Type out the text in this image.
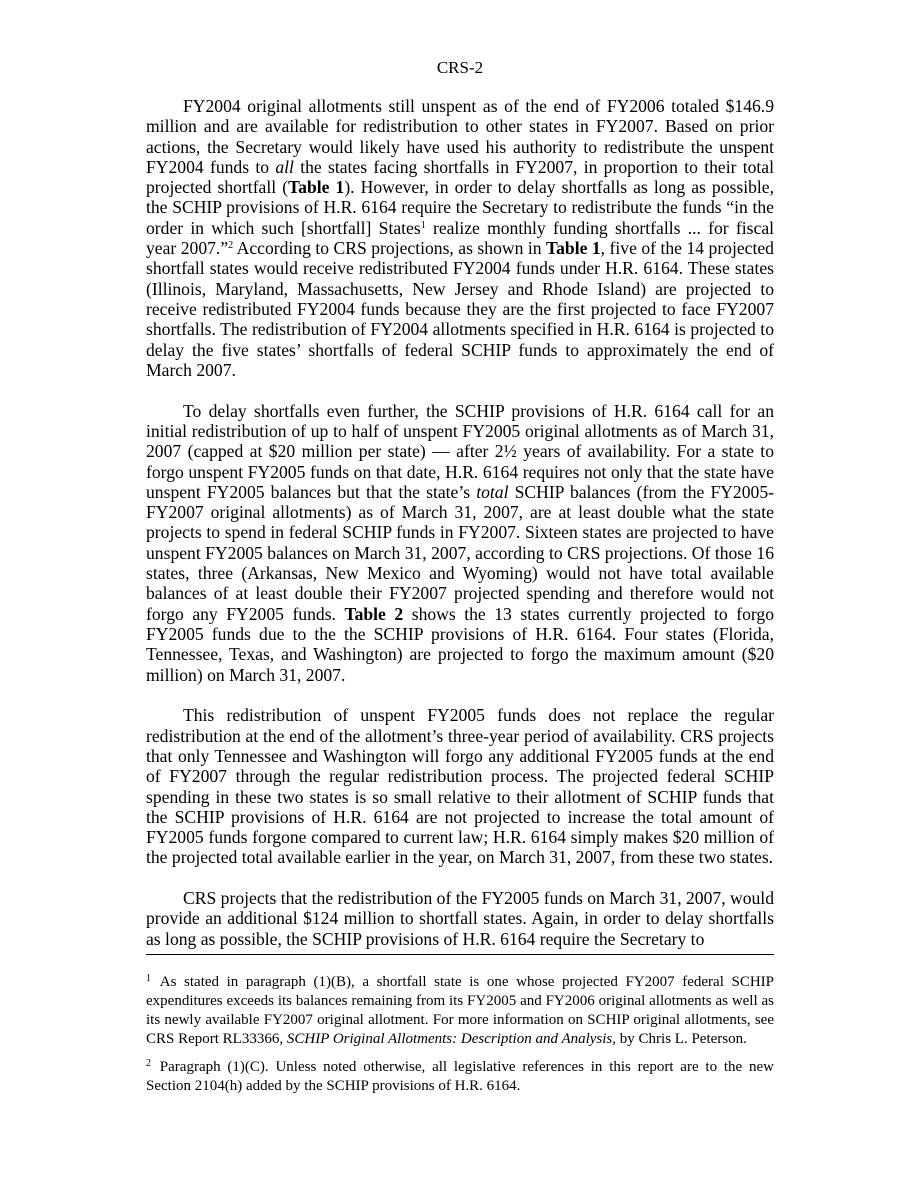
CRS-2

FY2004 original allotments still unspent as of the end of FY2006 totaled $146.9 million and are available for redistribution to other states in FY2007. Based on prior actions, the Secretary would likely have used his authority to redistribute the unspent FY2004 funds to all the states facing shortfalls in FY2007, in proportion to their total projected shortfall (Table 1). However, in order to delay shortfalls as long as possible, the SCHIP provisions of H.R. 6164 require the Secretary to redistribute the funds “in the order in which such [shortfall] States$^1$ realize monthly funding shortfalls ... for fiscal year 2007.”$^2$ According to CRS projections, as shown in Table 1, five of the 14 projected shortfall states would receive redistributed FY2004 funds under H.R. 6164. These states (Illinois, Maryland, Massachusetts, New Jersey and Rhode Island) are projected to receive redistributed FY2004 funds because they are the first projected to face FY2007 shortfalls. The redistribution of FY2004 allotments specified in H.R. 6164 is projected to delay the five states’ shortfalls of federal SCHIP funds to approximately the end of March 2007.

To delay shortfalls even further, the SCHIP provisions of H.R. 6164 call for an initial redistribution of up to half of unspent FY2005 original allotments as of March 31, 2007 (capped at $20 million per state) — after 2½ years of availability. For a state to forgo unspent FY2005 funds on that date, H.R. 6164 requires not only that the state have unspent FY2005 balances but that the state’s total SCHIP balances (from the FY2005-FY2007 original allotments) as of March 31, 2007, are at least double what the state projects to spend in federal SCHIP funds in FY2007. Sixteen states are projected to have unspent FY2005 balances on March 31, 2007, according to CRS projections. Of those 16 states, three (Arkansas, New Mexico and Wyoming) would not have total available balances of at least double their FY2007 projected spending and therefore would not forgo any FY2005 funds. Table 2 shows the 13 states currently projected to forgo FY2005 funds due to the the SCHIP provisions of H.R. 6164. Four states (Florida, Tennessee, Texas, and Washington) are projected to forgo the maximum amount ($20 million) on March 31, 2007.

This redistribution of unspent FY2005 funds does not replace the regular redistribution at the end of the allotment’s three-year period of availability. CRS projects that only Tennessee and Washington will forgo any additional FY2005 funds at the end of FY2007 through the regular redistribution process. The projected federal SCHIP spending in these two states is so small relative to their allotment of SCHIP funds that the SCHIP provisions of H.R. 6164 are not projected to increase the total amount of FY2005 funds forgone compared to current law; H.R. 6164 simply makes $20 million of the projected total available earlier in the year, on March 31, 2007, from these two states.

CRS projects that the redistribution of the FY2005 funds on March 31, 2007, would provide an additional $124 million to shortfall states. Again, in order to delay shortfalls as long as possible, the SCHIP provisions of H.R. 6164 require the Secretary to

$^1$ As stated in paragraph (1)(B), a shortfall state is one whose projected FY2007 federal SCHIP expenditures exceeds its balances remaining from its FY2005 and FY2006 original allotments as well as its newly available FY2007 original allotment. For more information on SCHIP original allotments, see CRS Report RL33366, SCHIP Original Allotments: Description and Analysis, by Chris L. Peterson.

$^2$ Paragraph (1)(C). Unless noted otherwise, all legislative references in this report are to the new Section 2104(h) added by the SCHIP provisions of H.R. 6164.
